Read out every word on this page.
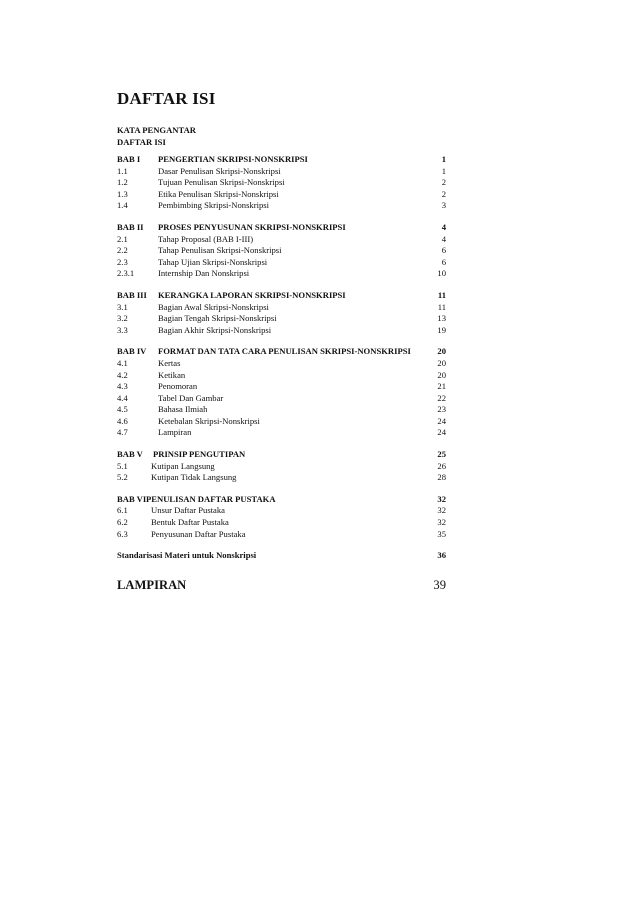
DAFTAR ISI
KATA PENGANTAR
DAFTAR ISI
BAB I PENGERTIAN SKRIPSI-NONSKRIPSI	1
1.1	Dasar Penulisan Skripsi-Nonskripsi	1
1.2	Tujuan Penulisan Skripsi-Nonskripsi	2
1.3	Etika Penulisan Skripsi-Nonskripsi	2
1.4	Pembimbing Skripsi-Nonskripsi	3
BAB II PROSES PENYUSUNAN SKRIPSI-NONSKRIPSI	4
2.1	Tahap Proposal (BAB I-III)	4
2.2	Tahap Penulisan Skripsi-Nonskripsi	6
2.3	Tahap Ujian Skripsi-Nonskripsi	6
2.3.1	Internship Dan Nonskripsi	10
BAB III KERANGKA LAPORAN SKRIPSI-NONSKRIPSI	11
3.1	Bagian Awal Skripsi-Nonskripsi	11
3.2	Bagian Tengah Skripsi-Nonskripsi	13
3.3	Bagian Akhir Skripsi-Nonskripsi	19
BAB IV FORMAT DAN TATA CARA PENULISAN SKRIPSI-NONSKRIPSI	20
4.1	Kertas	20
4.2	Ketikan	20
4.3	Penomoran	21
4.4	Tabel Dan Gambar	22
4.5	Bahasa Ilmiah	23
4.6	Ketebalan Skripsi-Nonskripsi	24
4.7	Lampiran	24
BAB V PRINSIP PENGUTIPAN	25
5.1	Kutipan Langsung	26
5.2	Kutipan Tidak Langsung	28
BAB VI PENULISAN DAFTAR PUSTAKA	32
6.1	Unsur Daftar Pustaka	32
6.2	Bentuk Daftar Pustaka	32
6.3	Penyusunan Daftar Pustaka	35
Standarisasi Materi untuk Nonskripsi	36
LAMPIRAN	39
